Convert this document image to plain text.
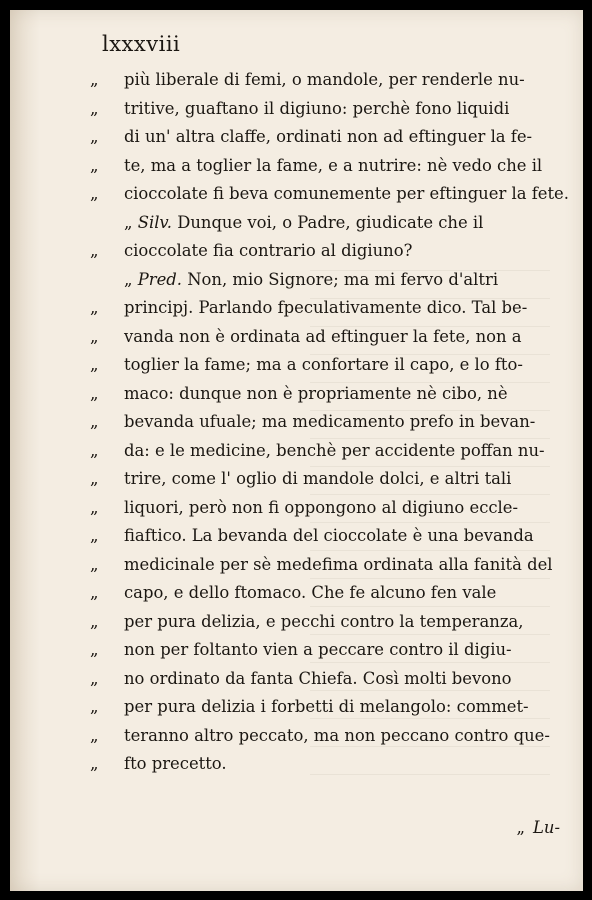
lxxxviii
„ più liberale di femi, o mandole, per renderle nu-
„ tritive, guaftano il digiuno: perchè fono liquidi
„ di un' altra claffe, ordinati non ad eftinguer la fe-
„ te, ma a toglier la fame, e a nutrire: nè vedo che il
„ cioccolate fi beva comunemente per eftinguer la fete.
„ Silv. Dunque voi, o Padre, giudicate che il
„ cioccolate fia contrario al digiuno?
„ Pred. Non, mio Signore; ma mi fervo d'altri
„ principj. Parlando fpeculativamente dico. Tal be-
„ vanda non è ordinata ad eftinguer la fete, non a
„ toglier la fame; ma a confortare il capo, e lo fto-
„ maco: dunque non è propriamente nè cibo, nè
„ bevanda ufuale; ma medicamento prefo in bevan-
„ da: e le medicine, benchè per accidente poffan nu-
„ trire, come l' oglio di mandole dolci, e altri tali
„ liquori, però non fi oppongono al digiuno eccle-
„ fiaftico. La bevanda del cioccolate è una bevanda
„ medicinale per sè medefima ordinata alla fanità del
„ capo, e dello ftomaco. Che fe alcuno fen vale
„ per pura delizia, e pecchi contro la temperanza,
„ non per foltanto vien a peccare contro il digiu-
„ no ordinato da fanta Chiefa. Così molti bevono
„ per pura delizia i forbetti di melangolo: commet-
„ teranno altro peccato, ma non peccano contro que-
„ fto precetto.
„ Lu-
